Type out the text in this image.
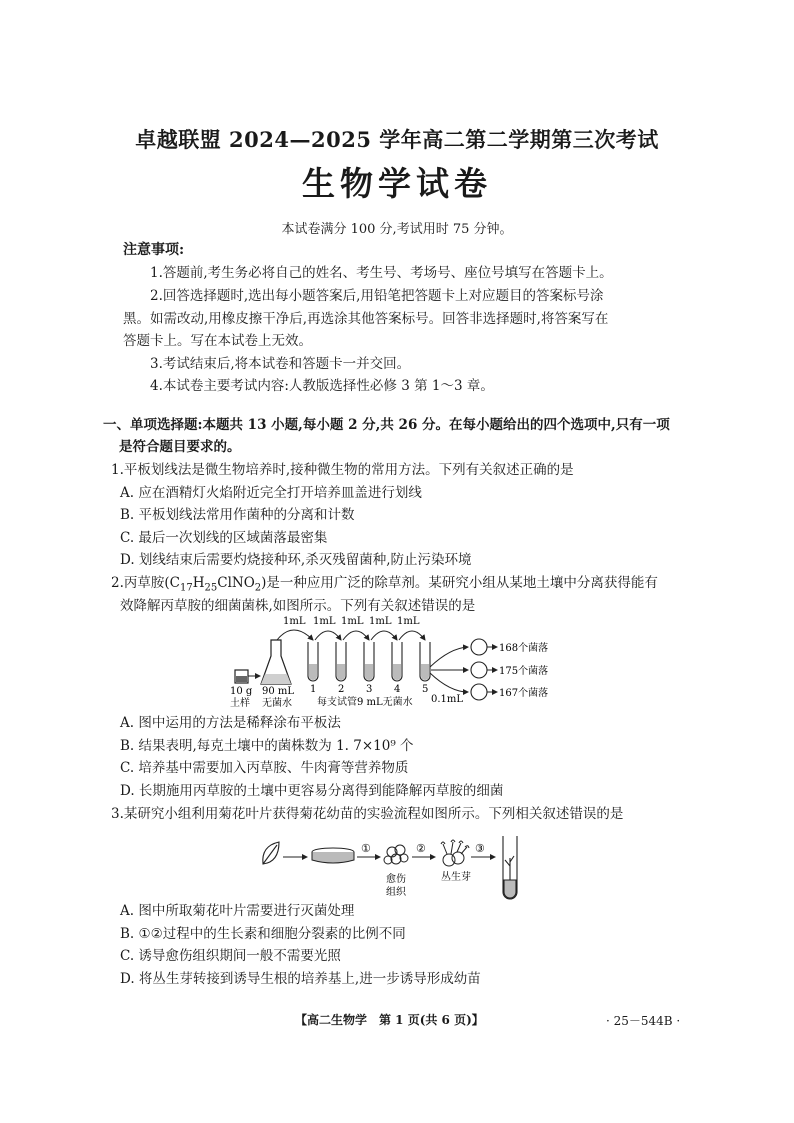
卓越联盟 2024—2025 学年高二第二学期第三次考试
生物学试卷
本试卷满分 100 分,考试用时 75 分钟。
注意事项:
1.答题前,考生务必将自己的姓名、考生号、考场号、座位号填写在答题卡上。
2.回答选择题时,选出每小题答案后,用铅笔把答题卡上对应题目的答案标号涂
黑。如需改动,用橡皮擦干净后,再选涂其他答案标号。回答非选择题时,将答案写在
答题卡上。写在本试卷上无效。
3.考试结束后,将本试卷和答题卡一并交回。
4.本试卷主要考试内容:人教版选择性必修 3 第 1～3 章。
一、单项选择题:本题共 13 小题,每小题 2 分,共 26 分。在每小题给出的四个选项中,只有一项
是符合题目要求的。
1.平板划线法是微生物培养时,接种微生物的常用方法。下列有关叙述正确的是
A. 应在酒精灯火焰附近完全打开培养皿盖进行划线
B. 平板划线法常用作菌种的分离和计数
C. 最后一次划线的区域菌落最密集
D. 划线结束后需要灼烧接种环,杀灭残留菌种,防止污染环境
2.丙草胺$(C_{17}H_{25}ClNO_2)$是一种应用广泛的除草剂。某研究小组从某地土壤中分离获得能有
效降解丙草胺的细菌菌株,如图所示。下列有关叙述错误的是
1mL 1mL 1mL 1mL 1mL
10 g
土样
90 mL
无菌水
1 2 3 4 5
每支试管9 mL无菌水 0.1mL
168个菌落
175个菌落
167个菌落
A. 图中运用的方法是稀释涂布平板法
B. 结果表明,每克土壤中的菌株数为 1. 7×10⁹ 个
C. 培养基中需要加入丙草胺、牛肉膏等营养物质
D. 长期施用丙草胺的土壤中更容易分离得到能降解丙草胺的细菌
3.某研究小组利用菊花叶片获得菊花幼苗的实验流程如图所示。下列相关叙述错误的是
①
愈伤
组织
②
丛生芽
③
A. 图中所取菊花叶片需要进行灭菌处理
B. ①②过程中的生长素和细胞分裂素的比例不同
C. 诱导愈伤组织期间一般不需要光照
D. 将丛生芽转接到诱导生根的培养基上,进一步诱导形成幼苗
【高二生物学　第 1 页(共 6 页)】	· 25－544B ·
